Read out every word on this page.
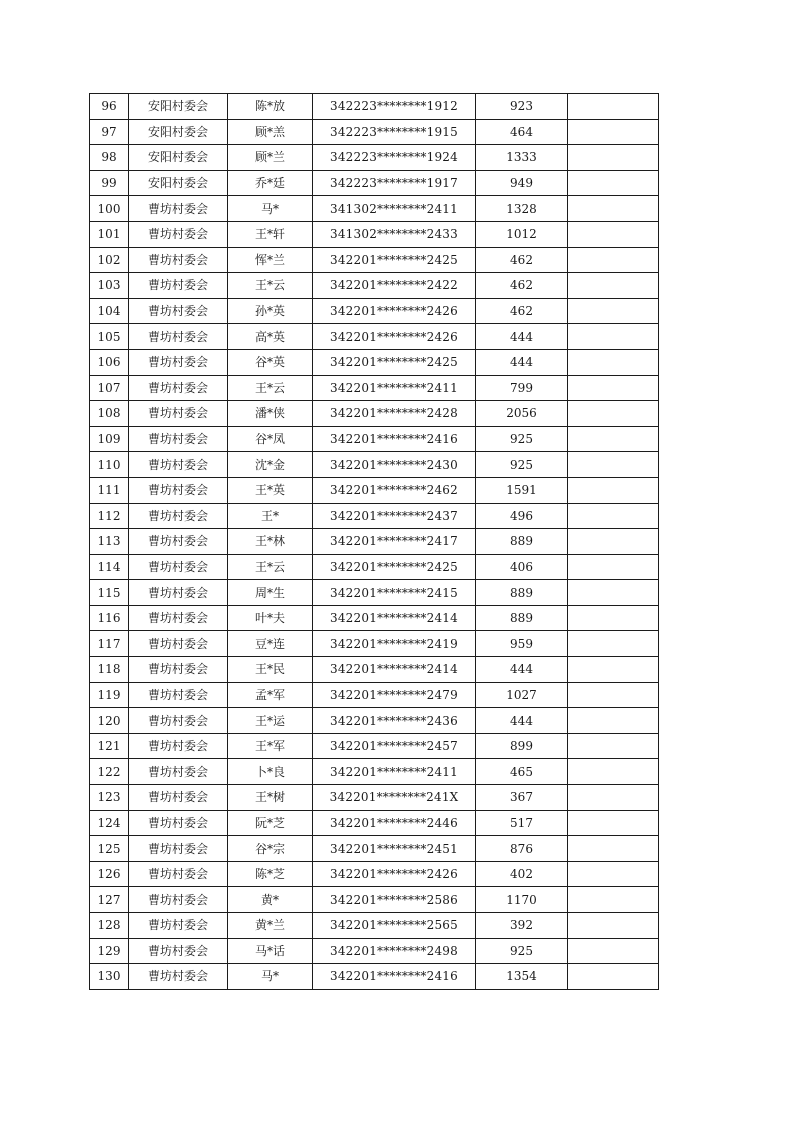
96	安阳村委会	陈*放	342223********1912	923	
97	安阳村委会	顾*羔	342223********1915	464	
98	安阳村委会	顾*兰	342223********1924	1333	
99	安阳村委会	乔*廷	342223********1917	949	
100	曹坊村委会	马*	341302********2411	1328	
101	曹坊村委会	王*轩	341302********2433	1012	
102	曹坊村委会	恽*兰	342201********2425	462	
103	曹坊村委会	王*云	342201********2422	462	
104	曹坊村委会	孙*英	342201********2426	462	
105	曹坊村委会	高*英	342201********2426	444	
106	曹坊村委会	谷*英	342201********2425	444	
107	曹坊村委会	王*云	342201********2411	799	
108	曹坊村委会	潘*侠	342201********2428	2056	
109	曹坊村委会	谷*凤	342201********2416	925	
110	曹坊村委会	沈*金	342201********2430	925	
111	曹坊村委会	王*英	342201********2462	1591	
112	曹坊村委会	王*	342201********2437	496	
113	曹坊村委会	王*林	342201********2417	889	
114	曹坊村委会	王*云	342201********2425	406	
115	曹坊村委会	周*生	342201********2415	889	
116	曹坊村委会	叶*夫	342201********2414	889	
117	曹坊村委会	豆*连	342201********2419	959	
118	曹坊村委会	王*民	342201********2414	444	
119	曹坊村委会	孟*军	342201********2479	1027	
120	曹坊村委会	王*运	342201********2436	444	
121	曹坊村委会	王*军	342201********2457	899	
122	曹坊村委会	卜*良	342201********2411	465	
123	曹坊村委会	王*树	342201********241X	367	
124	曹坊村委会	阮*芝	342201********2446	517	
125	曹坊村委会	谷*宗	342201********2451	876	
126	曹坊村委会	陈*芝	342201********2426	402	
127	曹坊村委会	黄*	342201********2586	1170	
128	曹坊村委会	黄*兰	342201********2565	392	
129	曹坊村委会	马*话	342201********2498	925	
130	曹坊村委会	马*	342201********2416	1354	
